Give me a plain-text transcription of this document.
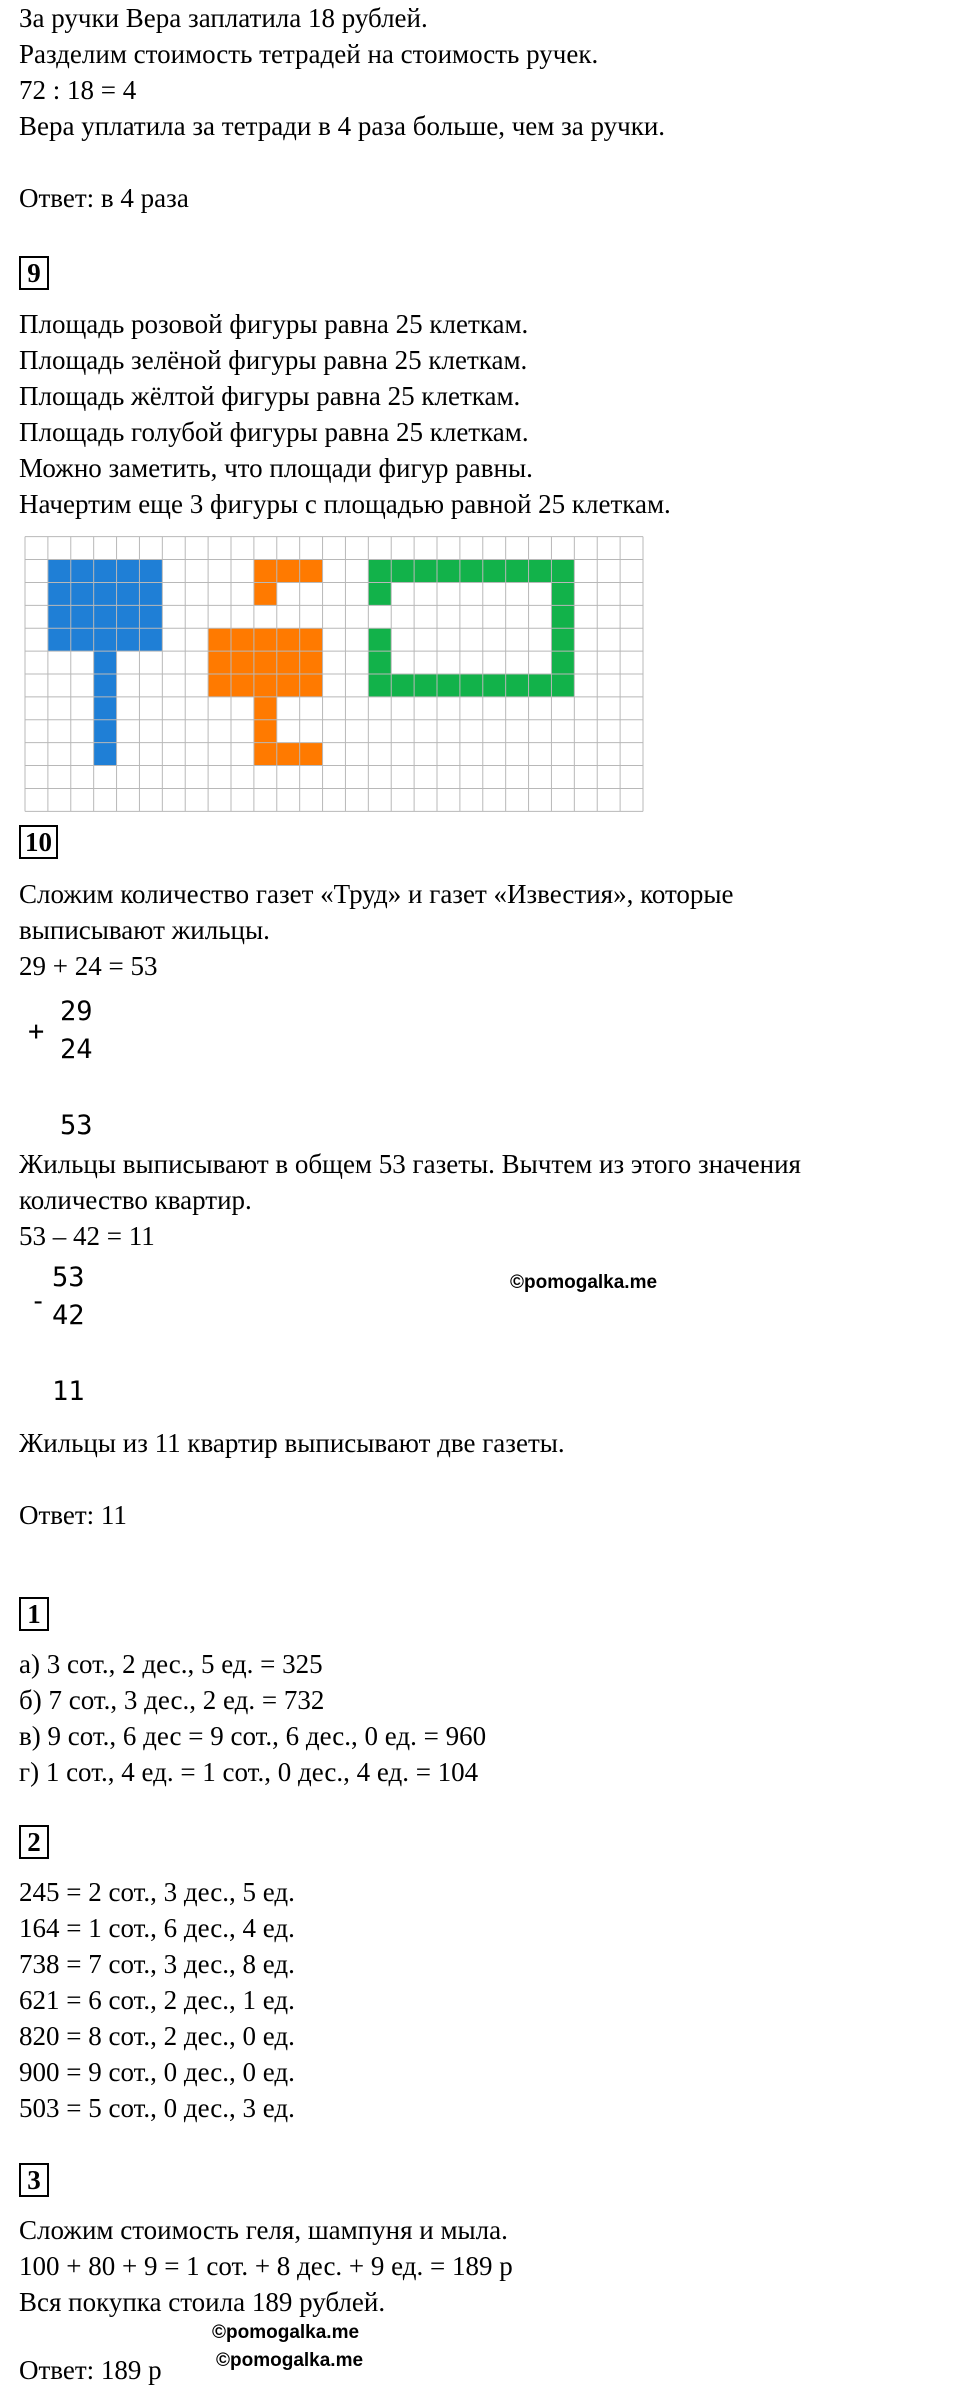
За ручки Вера заплатила 18 рублей.
Разделим стоимость тетрадей на стоимость ручек.
72 : 18 = 4
Вера уплатила за тетради в 4 раза больше, чем за ручки.
Ответ: в 4 раза
9
Площадь розовой фигуры равна 25 клеткам.
Площадь зелёной фигуры равна 25 клеткам.
Площадь жёлтой фигуры равна 25 клеткам.
Площадь голубой фигуры равна 25 клеткам.
Можно заметить, что площади фигур равны.
Начертим еще 3 фигуры с площадью равной 25 клеткам.
10
Сложим количество газет «Труд» и газет «Известия», которые
выписывают жильцы.
29 + 24 = 53
+
29
24
53
Жильцы выписывают в общем 53 газеты. Вычтем из этого значения
количество квартир.
53 – 42 = 11
-
53
42
11
©pomogalka.me
Жильцы из 11 квартир выписывают две газеты.
Ответ: 11
1
а) 3 сот., 2 дес., 5 ед. = 325
б) 7 сот., 3 дес., 2 ед. = 732
в) 9 сот., 6 дес = 9 сот., 6 дес., 0 ед. = 960
г) 1 сот., 4 ед. = 1 сот., 0 дес., 4 ед. = 104
2
245 = 2 сот., 3 дес., 5 ед.
164 = 1 сот., 6 дес., 4 ед.
738 = 7 сот., 3 дес., 8 ед.
621 = 6 сот., 2 дес., 1 ед.
820 = 8 сот., 2 дес., 0 ед.
900 = 9 сот., 0 дес., 0 ед.
503 = 5 сот., 0 дес., 3 ед.
3
Сложим стоимость геля, шампуня и мыла.
100 + 80 + 9 = 1 сот. + 8 дес. + 9 ед. = 189 р
Вся покупка стоила 189 рублей.
©pomogalka.me
©pomogalka.me
Ответ: 189 р
